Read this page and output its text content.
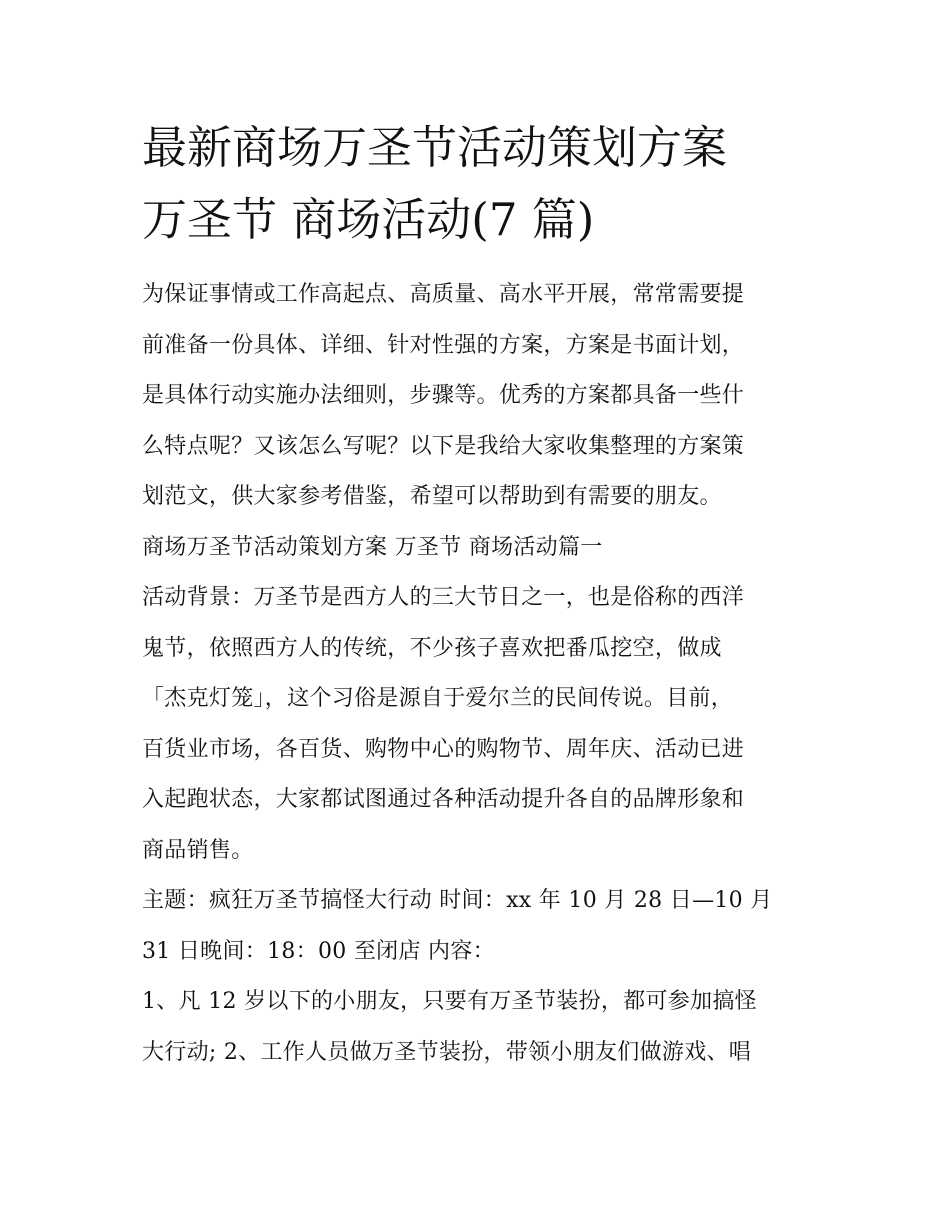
最新商场万圣节活动策划方案
万圣节 商场活动(7 篇)
为保证事情或工作高起点、高质量、高水平开展，常常需要提
前准备一份具体、详细、针对性强的方案，方案是书面计划，
是具体行动实施办法细则，步骤等。优秀的方案都具备一些什
么特点呢？又该怎么写呢？以下是我给大家收集整理的方案策
划范文，供大家参考借鉴，希望可以帮助到有需要的朋友。
商场万圣节活动策划方案 万圣节 商场活动篇一
活动背景：万圣节是西方人的三大节日之一，也是俗称的西洋
鬼节，依照西方人的传统，不少孩子喜欢把番瓜挖空，做成
「杰克灯笼」，这个习俗是源自于爱尔兰的民间传说。目前，
百货业市场，各百货、购物中心的购物节、周年庆、活动已进
入起跑状态，大家都试图通过各种活动提升各自的品牌形象和
商品销售。
主题：疯狂万圣节搞怪大行动 时间：xx 年 10 月 28 日—10 月
31 日晚间：18：00 至闭店 内容：
1、凡 12 岁以下的小朋友，只要有万圣节装扮，都可参加搞怪
大行动; 2、工作人员做万圣节装扮，带领小朋友们做游戏、唱
